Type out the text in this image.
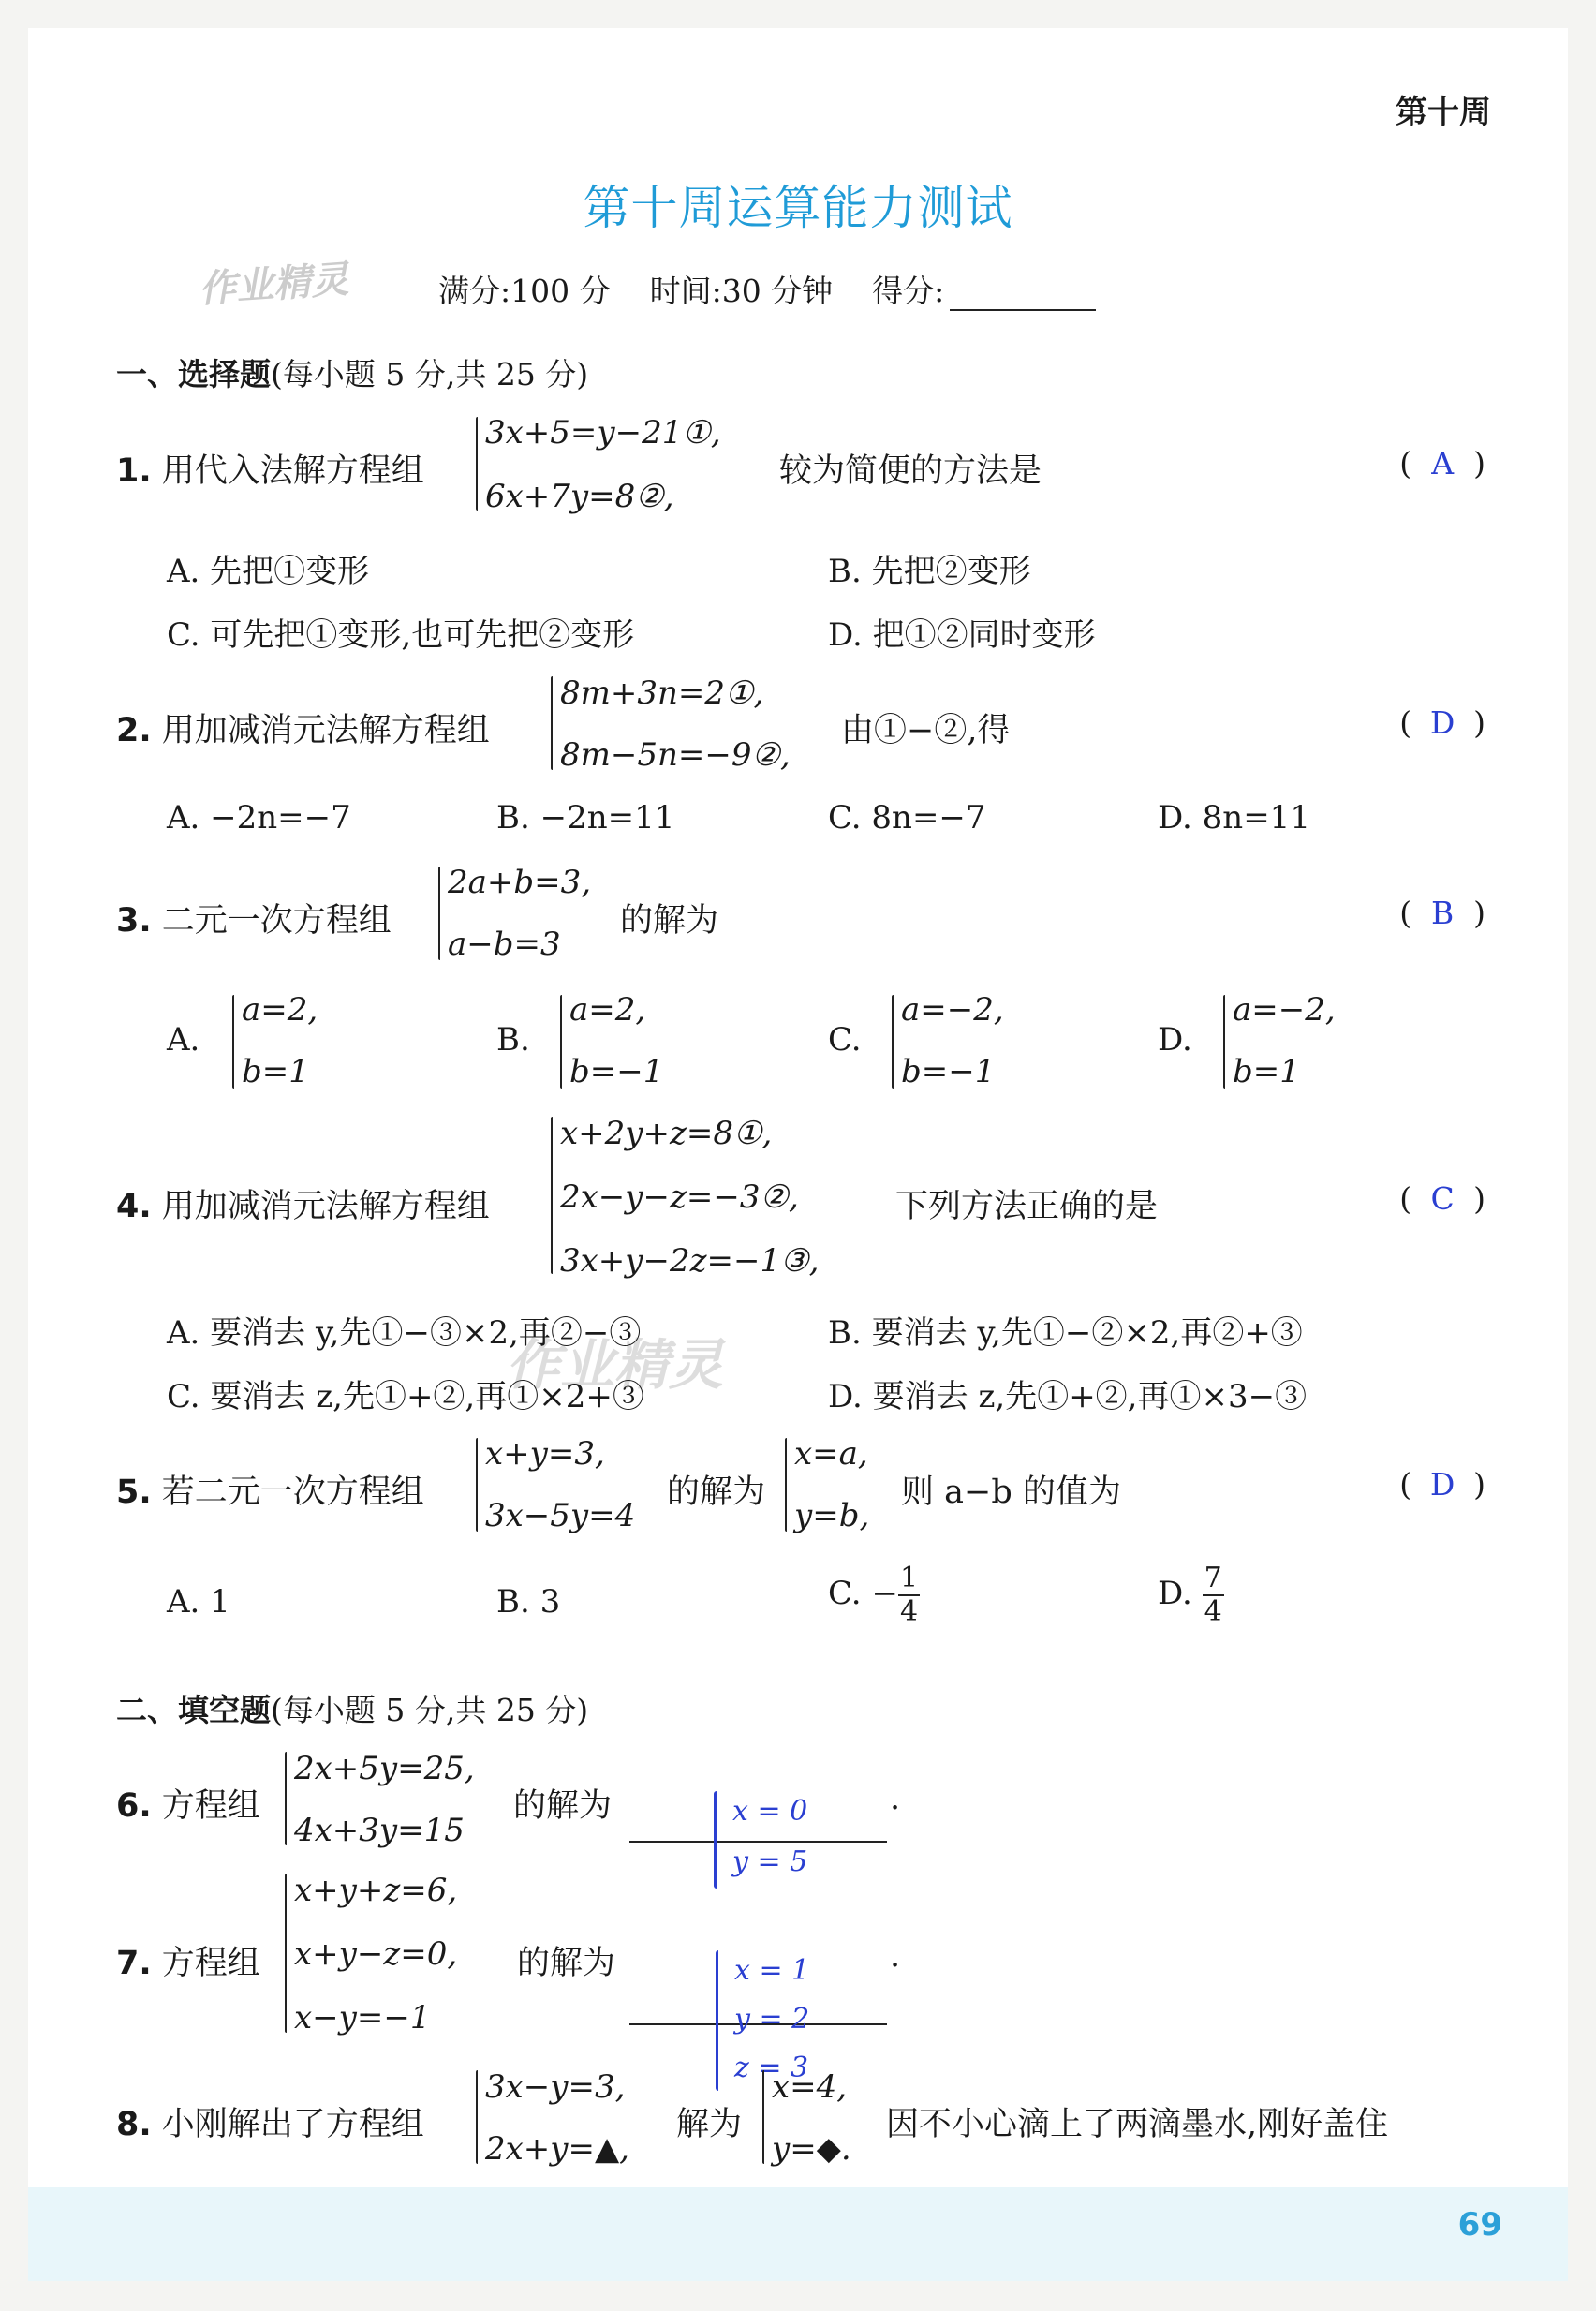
第十周
第十周运算能力测试
作业精灵
作业精灵
满分:100 分 时间:30 分钟 得分:
一、选择题(每小题 5 分,共 25 分)
1. 用代入法解方程组
3x+5=y−21①,
6x+7y=8②,
较为简便的方法是	( A )
A. 先把①变形	B. 先把②变形
C. 可先把①变形,也可先把②变形	D. 把①②同时变形
2. 用加减消元法解方程组
8m+3n=2①,
8m−5n=−9②,
由①−②,得	( D )
A. −2n=−7	B. −2n=11	C. 8n=−7	D. 8n=11
3. 二元一次方程组
2a+b=3,
a−b=3
的解为	( B )
A.
a=2,
b=1
B.
a=2,
b=−1
C.
a=−2,
b=−1
D.
a=−2,
b=1
4. 用加减消元法解方程组
x+2y+z=8①,
2x−y−z=−3②,
3x+y−2z=−1③,
下列方法正确的是	( C )
A. 要消去 y,先①−③×2,再②−③	B. 要消去 y,先①−②×2,再②+③
C. 要消去 z,先①+②,再①×2+③	D. 要消去 z,先①+②,再①×3−③
5. 若二元一次方程组
x+y=3,
3x−5y=4
的解为
x=a,
y=b,
则 a−b 的值为	( D )
A. 1	B. 3	C. − $\frac{1}{4}$	D. $\frac{7}{4}$
二、填空题(每小题 5 分,共 25 分)
6. 方程组
2x+5y=25,
4x+3y=15
的解为	x = 0
y = 5
.
7. 方程组
x+y+z=6,
x+y−z=0,
x−y=−1
的解为	x = 1
y = 2
z = 3
.
8. 小刚解出了方程组
3x−y=3,
2x+y=▲,
解为
x=4,
y=◆.
因不小心滴上了两滴墨水,刚好盖住
69
